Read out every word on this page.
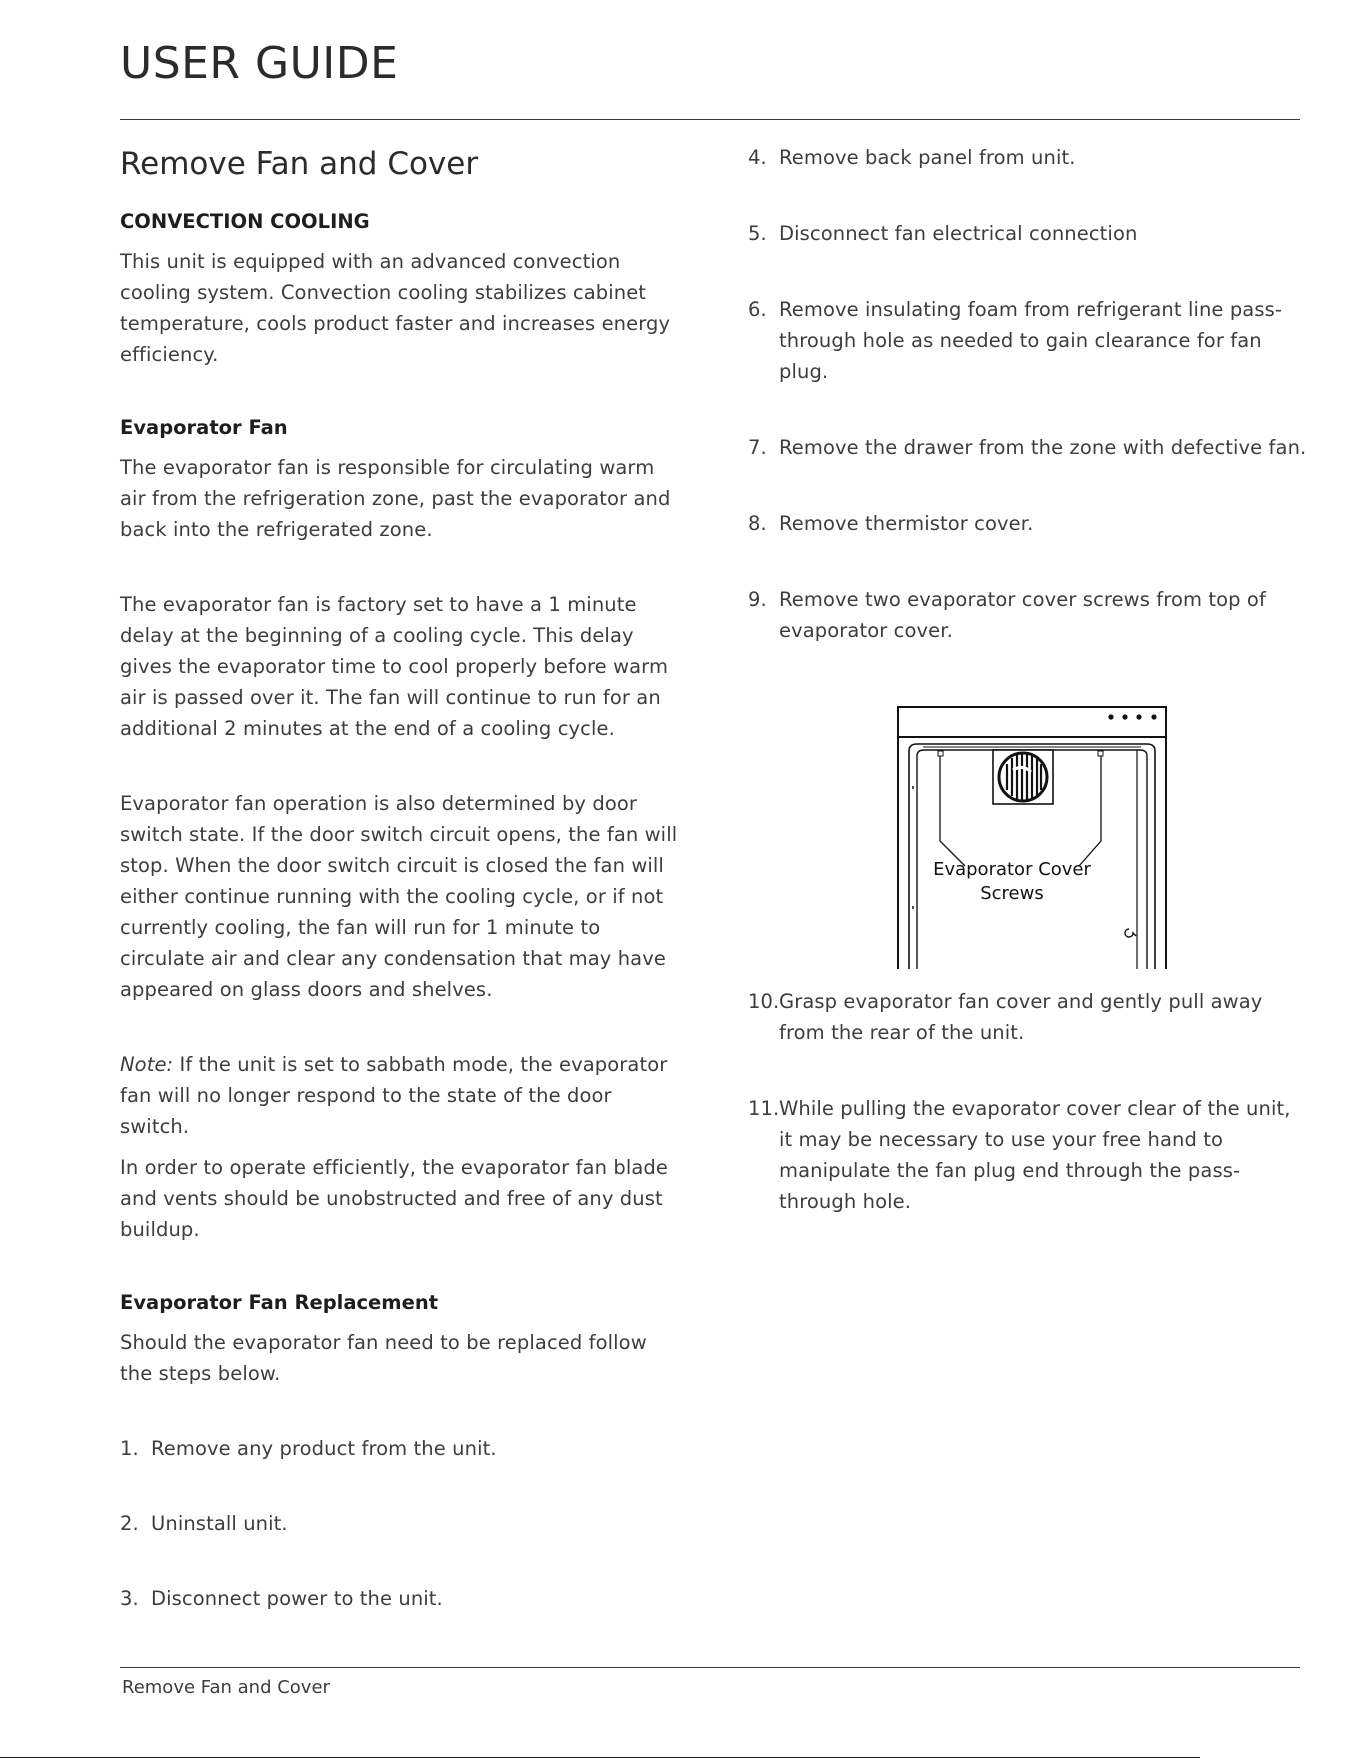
USER GUIDE
Remove Fan and Cover
CONVECTION COOLING

This unit is equipped with an advanced convection cooling system. Convection cooling stabilizes cabinet temperature, cools product faster and increases energy efficiency.

Evaporator Fan

The evaporator fan is responsible for circulating warm air from the refrigeration zone, past the evaporator and back into the refrigerated zone.

The evaporator fan is factory set to have a 1 minute delay at the beginning of a cooling cycle. This delay gives the evaporator time to cool properly before warm air is passed over it. The fan will continue to run for an additional 2 minutes at the end of a cooling cycle.

Evaporator fan operation is also determined by door switch state. If the door switch circuit opens, the fan will stop. When the door switch circuit is closed the fan will either continue running with the cooling cycle, or if not currently cooling, the fan will run for 1 minute to circulate air and clear any condensation that may have appeared on glass doors and shelves.

Note: If the unit is set to sabbath mode, the evaporator fan will no longer respond to the state of the door switch.

In order to operate efficiently, the evaporator fan blade and vents should be unobstructed and free of any dust buildup.

Evaporator Fan Replacement

Should the evaporator fan need to be replaced follow the steps below.

1. Remove any product from the unit.
2. Uninstall unit.
3. Disconnect power to the unit.
4. Remove back panel from unit.
5. Disconnect fan electrical connection
6. Remove insulating foam from refrigerant line pass-through hole as needed to gain clearance for fan plug.
7. Remove the drawer from the zone with defective fan.
8. Remove thermistor cover.
9. Remove two evaporator cover screws from top of evaporator cover.
Evaporator Cover
Screws
10. Grasp evaporator fan cover and gently pull away from the rear of the unit.
11. While pulling the evaporator cover clear of the unit, it may be necessary to use your free hand to manipulate the fan plug end through the pass-through hole.
Remove Fan and Cover
